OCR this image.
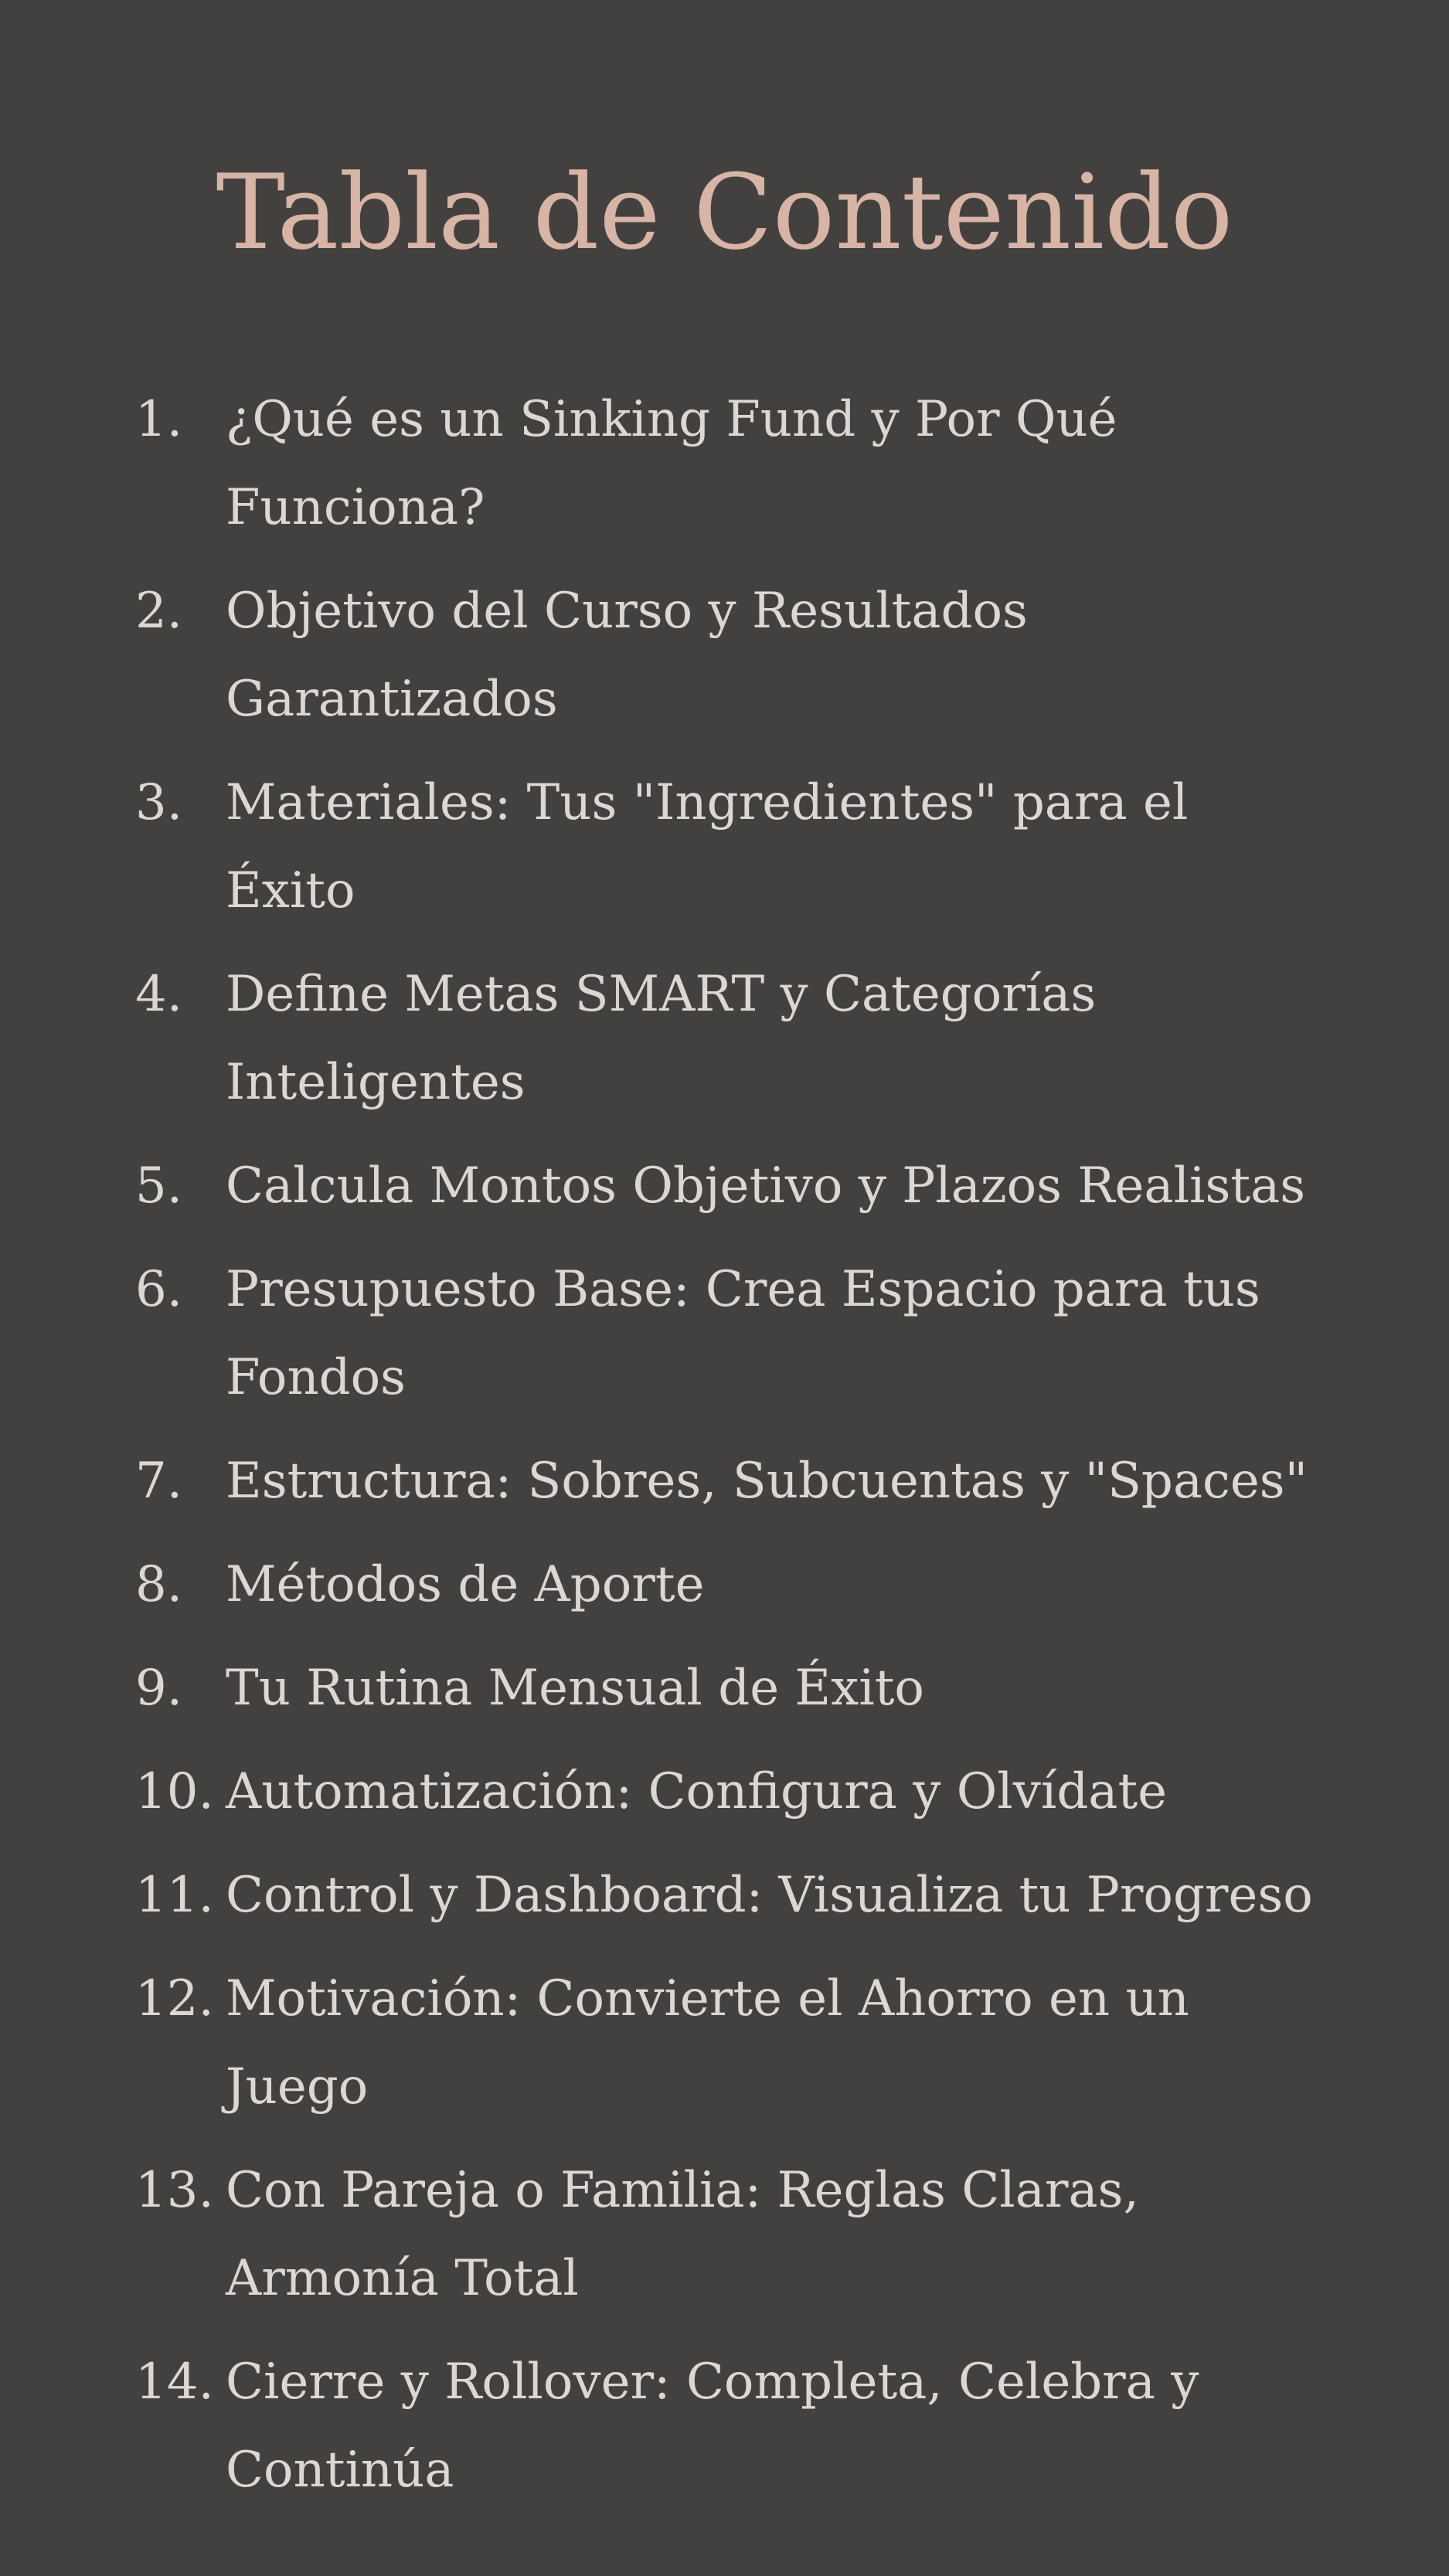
Tabla de Contenido
1. ¿Qué es un Sinking Fund y Por Qué Funciona?
2. Objetivo del Curso y Resultados Garantizados
3. Materiales: Tus "Ingredientes" para el Éxito
4. Define Metas SMART y Categorías Inteligentes
5. Calcula Montos Objetivo y Plazos Realistas
6. Presupuesto Base: Crea Espacio para tus Fondos
7. Estructura: Sobres, Subcuentas y "Spaces"
8. Métodos de Aporte
9. Tu Rutina Mensual de Éxito
10. Automatización: Configura y Olvídate
11. Control y Dashboard: Visualiza tu Progreso
12. Motivación: Convierte el Ahorro en un Juego
13. Con Pareja o Familia: Reglas Claras, Armonía Total
14. Cierre y Rollover: Completa, Celebra y Continúa
